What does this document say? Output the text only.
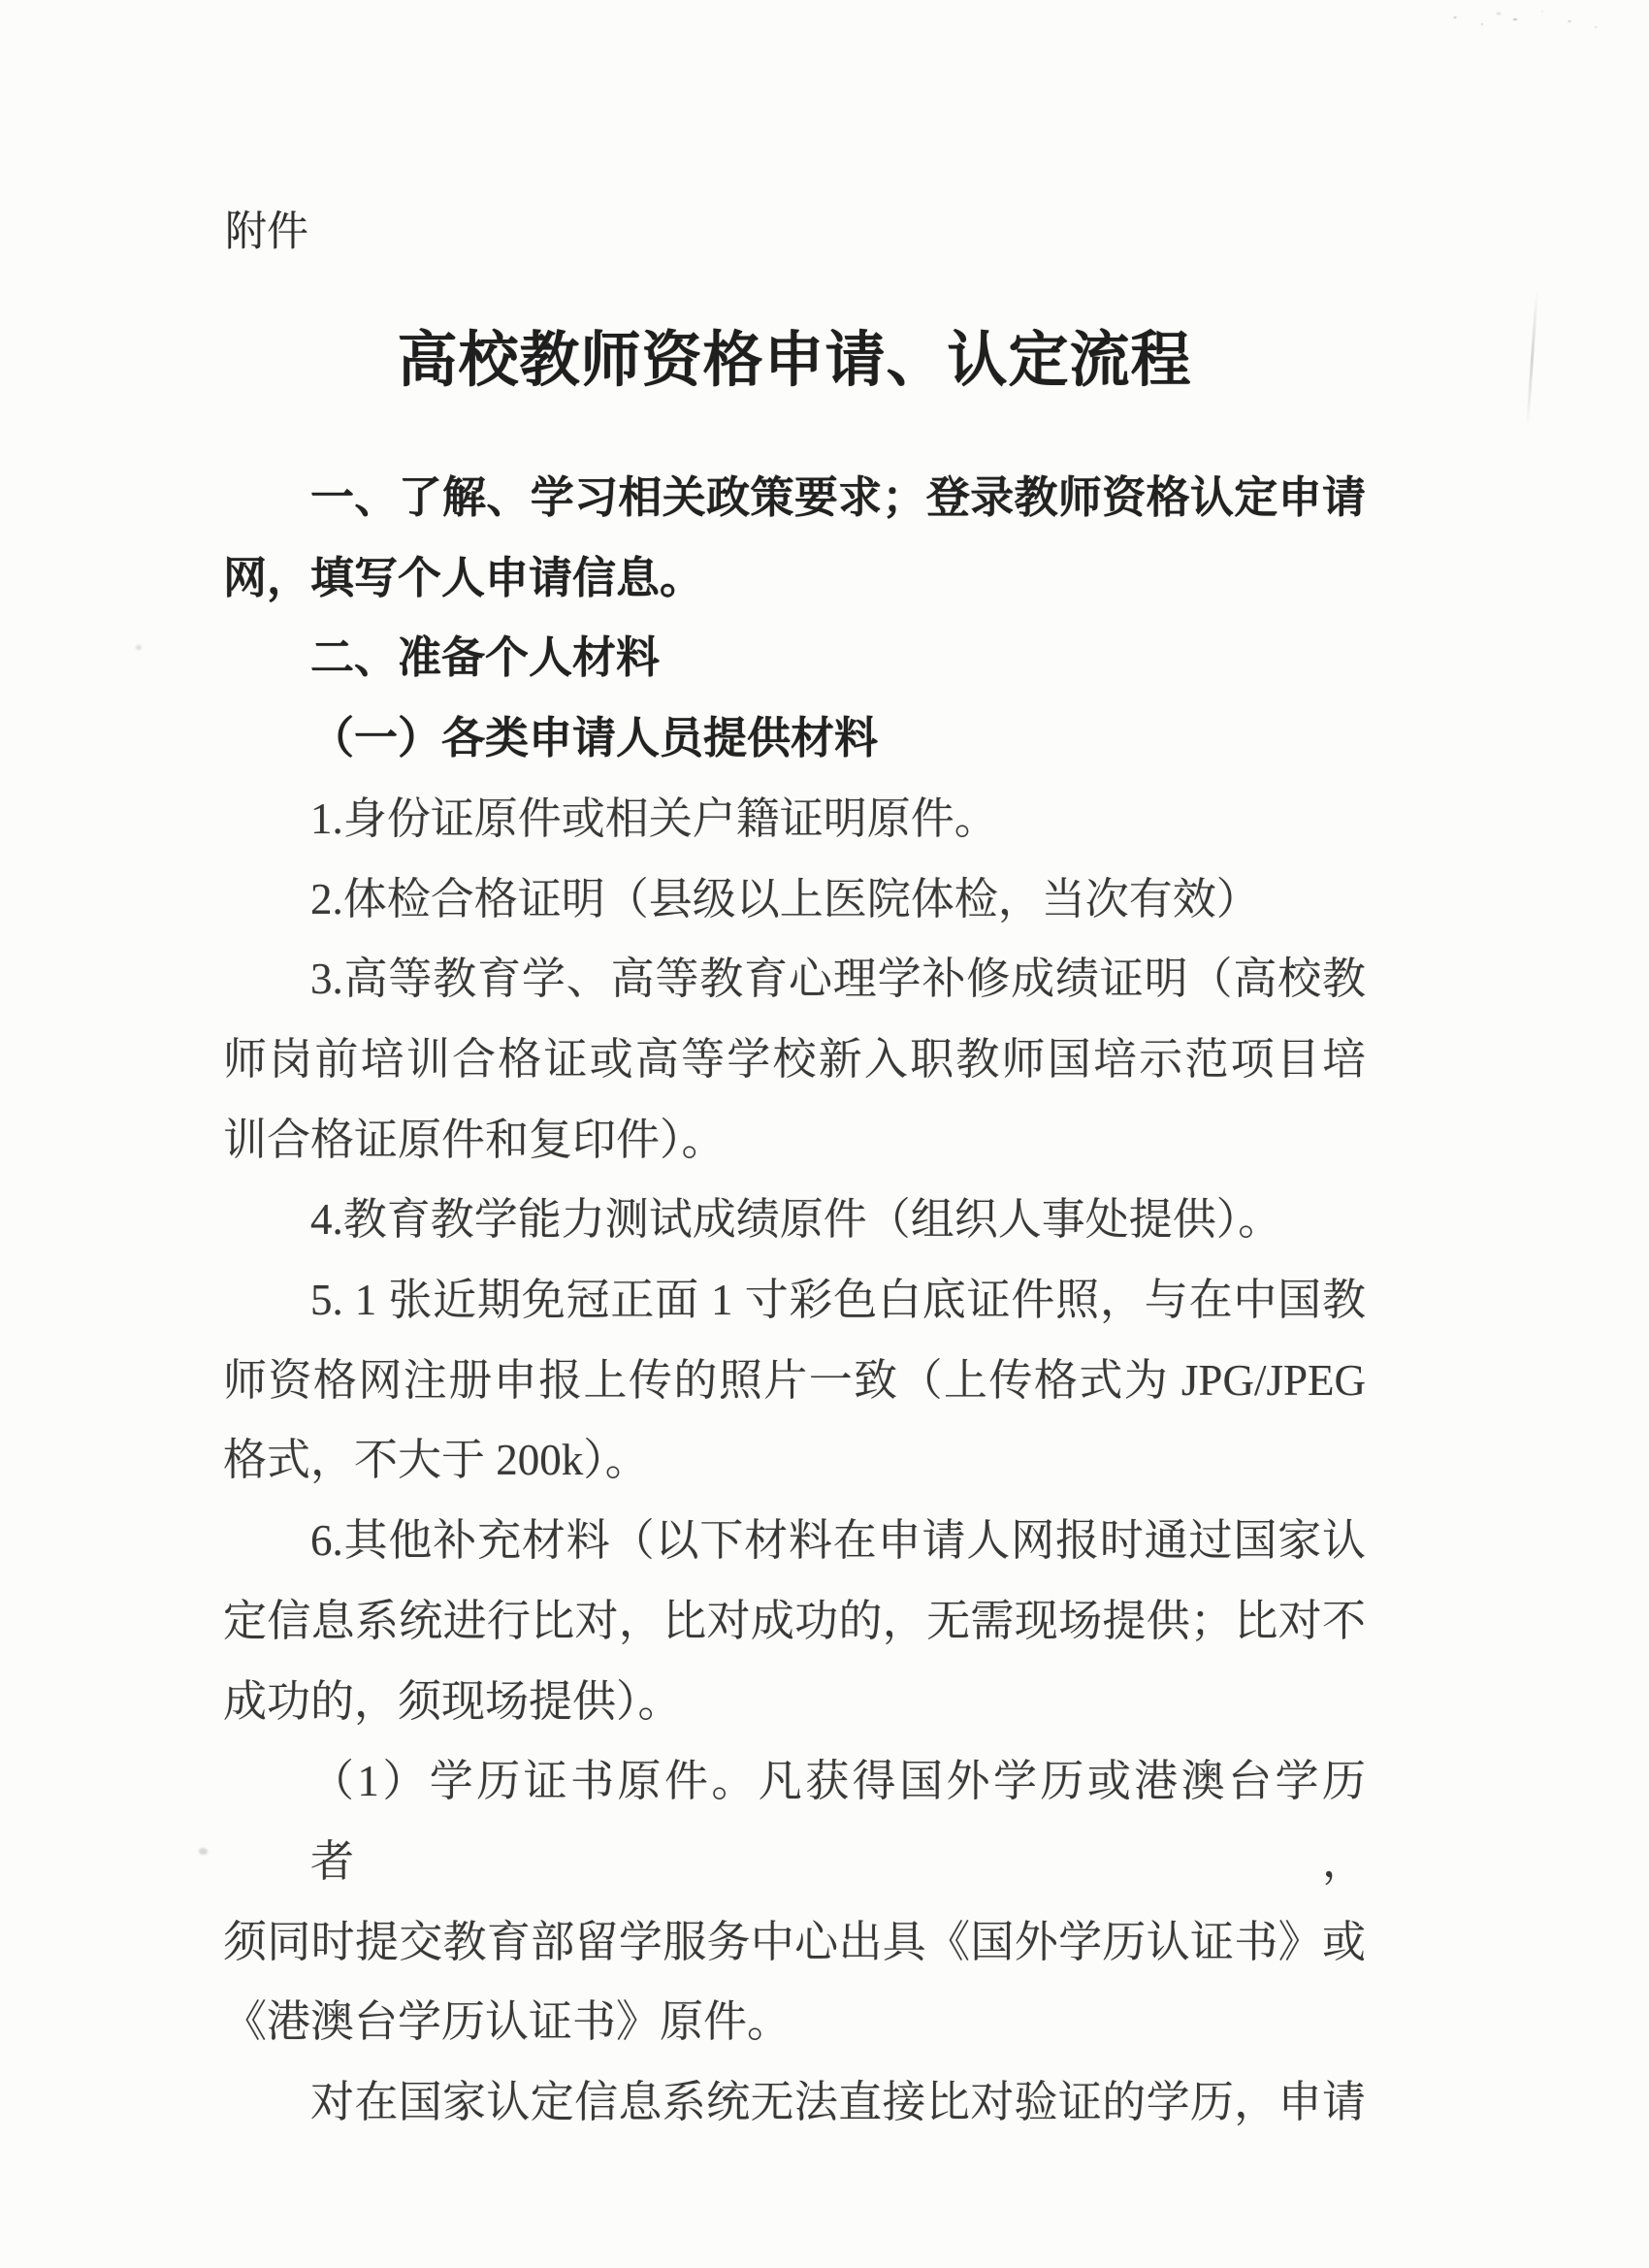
附件
高校教师资格申请、认定流程
一、了解、学习相关政策要求；登录教师资格认定申请
网，填写个人申请信息。
二、准备个人材料
（一）各类申请人员提供材料
1.身份证原件或相关户籍证明原件。
2.体检合格证明（县级以上医院体检，当次有效）
3.高等教育学、高等教育心理学补修成绩证明（高校教
师岗前培训合格证或高等学校新入职教师国培示范项目培
训合格证原件和复印件）。
4.教育教学能力测试成绩原件（组织人事处提供）。
5. 1 张近期免冠正面 1 寸彩色白底证件照，与在中国教
师资格网注册申报上传的照片一致（上传格式为 JPG/JPEG
格式，不大于 200k）。
6.其他补充材料（以下材料在申请人网报时通过国家认
定信息系统进行比对，比对成功的，无需现场提供；比对不
成功的，须现场提供）。
（1）学历证书原件。凡获得国外学历或港澳台学历者，
须同时提交教育部留学服务中心出具《国外学历认证书》或
《港澳台学历认证书》原件。
对在国家认定信息系统无法直接比对验证的学历，申请
